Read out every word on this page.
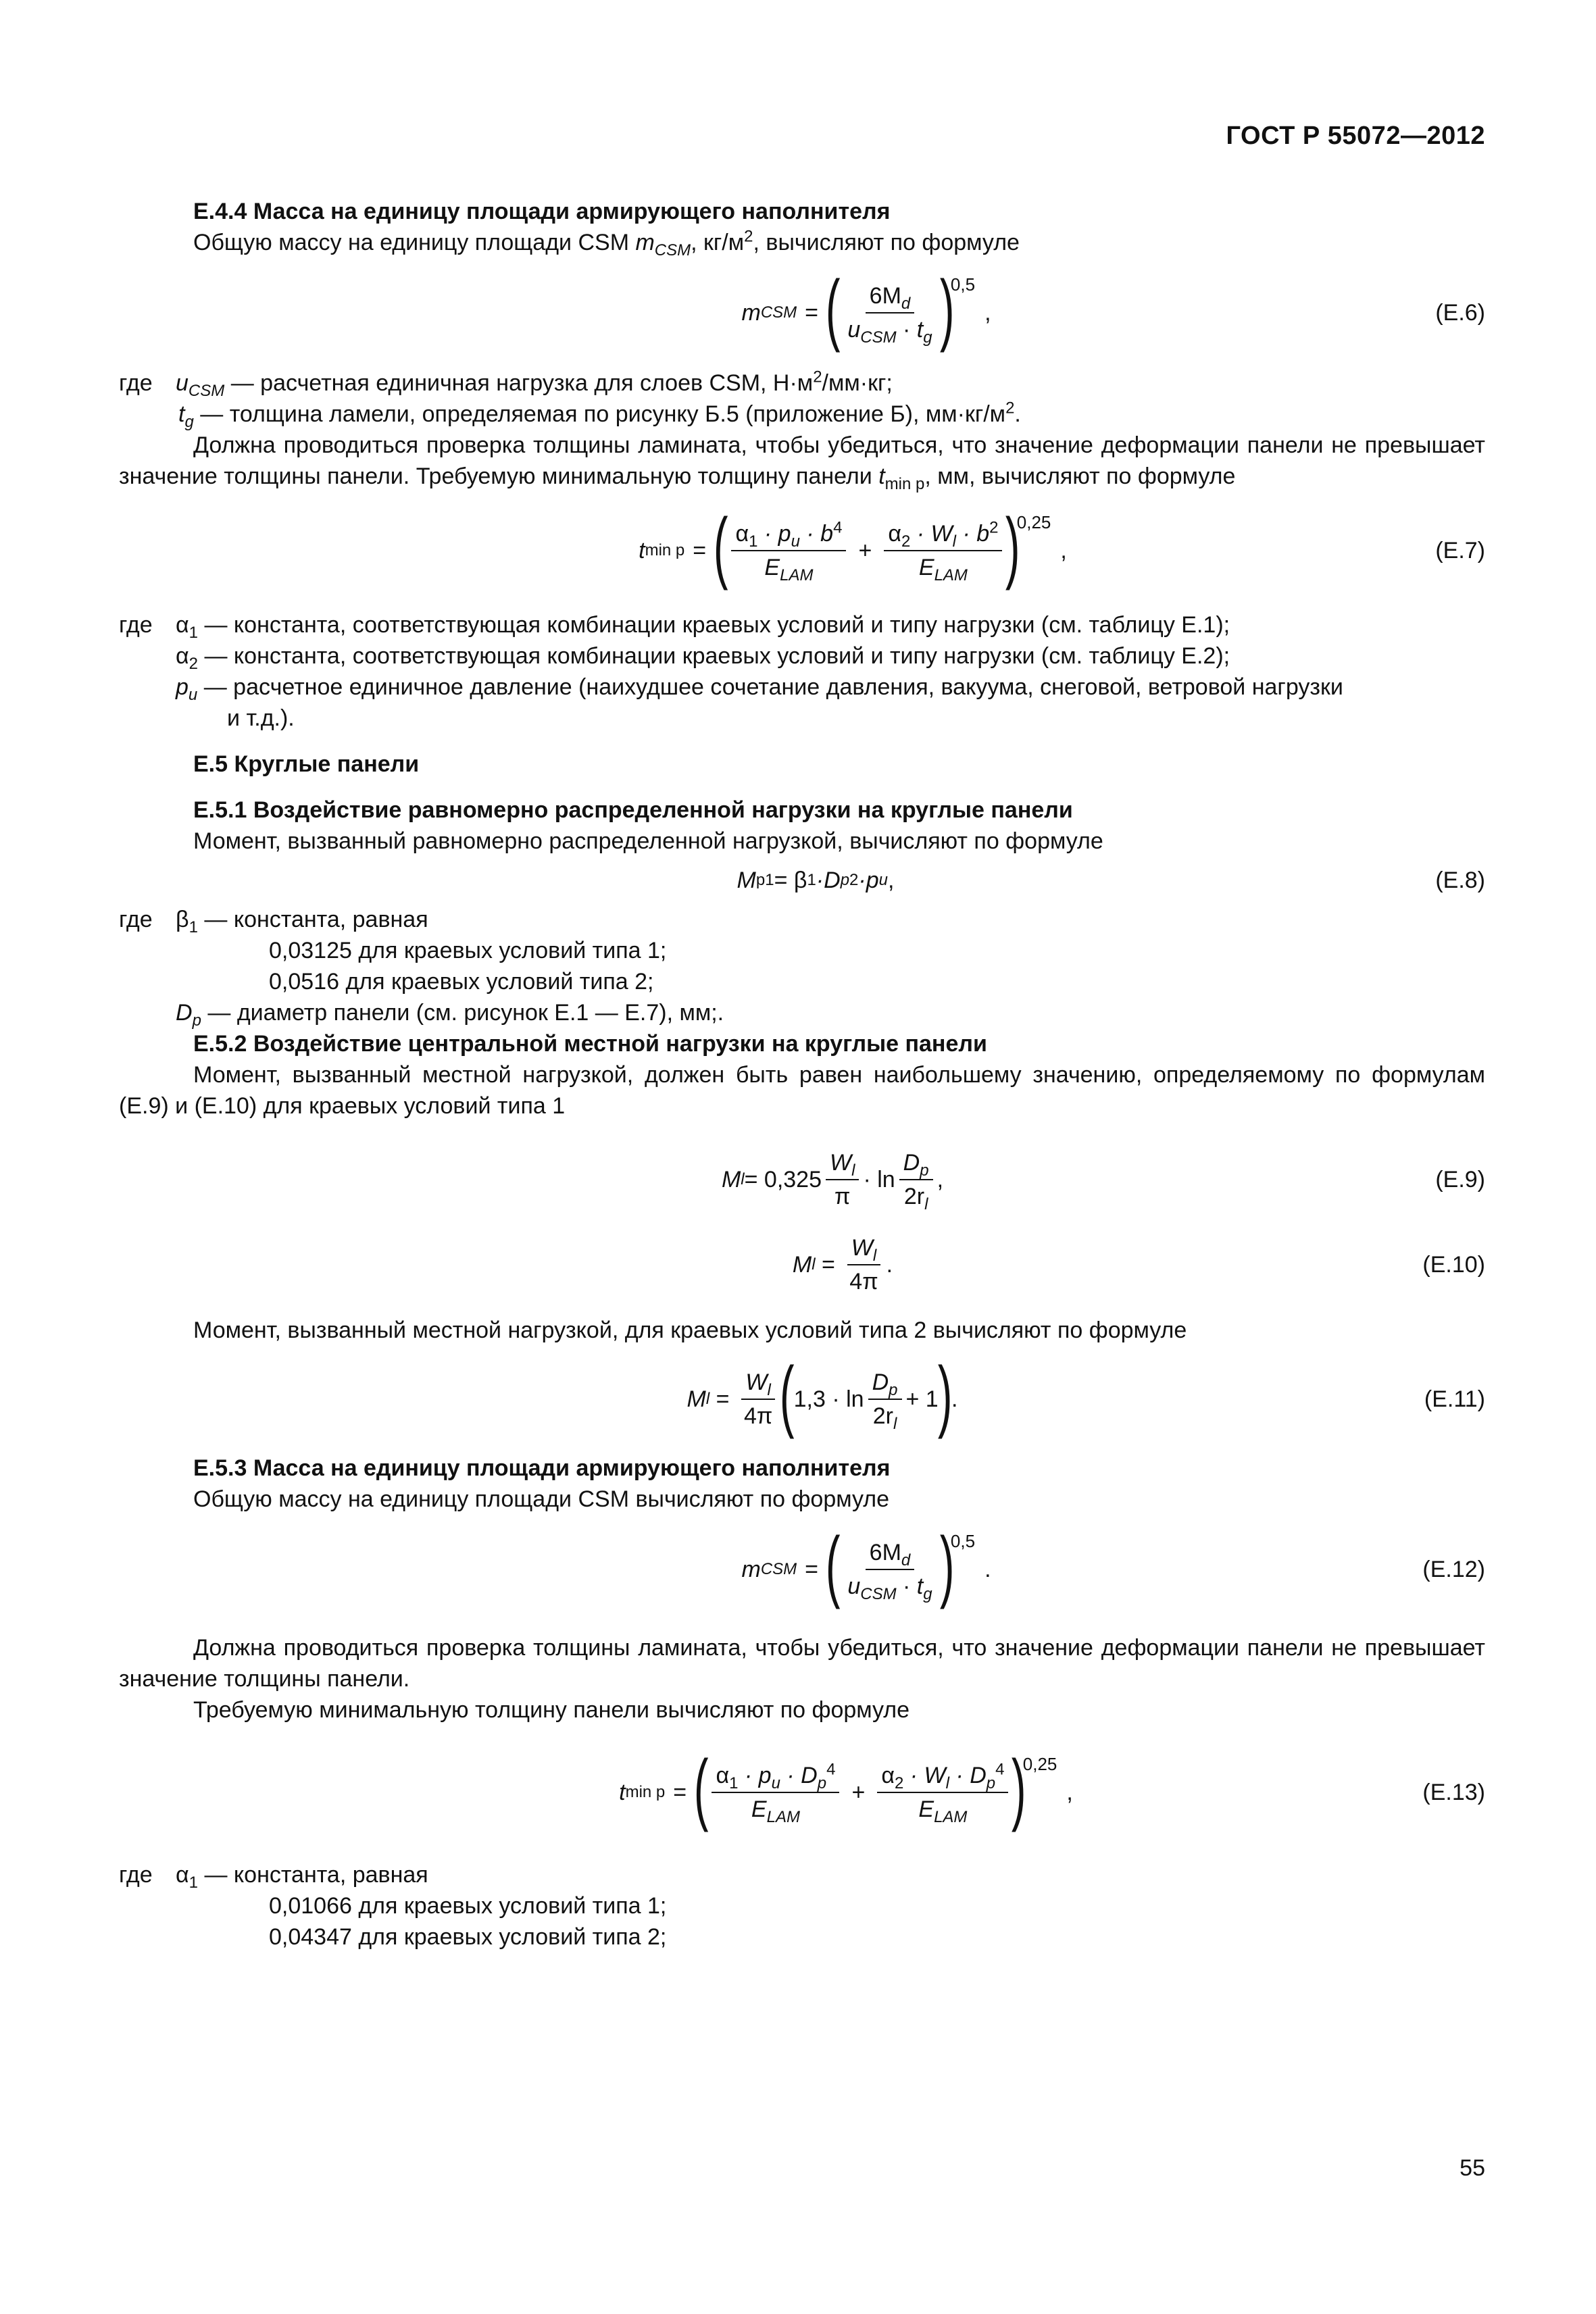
ГОСТ Р 55072—2012

Е.4.4 Масса на единицу площади армирующего наполнителя

Общую массу на единицу площади CSM $m_{CSM}$, $кг/м^2$, вычисляют по формуле

m CSM = ( $\frac{6M_d}{u_{CSM} \cdot t_g}$ )
0,5
,	(Е.6)
где	$u_{CSM}$ — расчетная единичная нагрузка для слоев CSM, $Н\cdot м^2/мм\cdot кг$;
$t_g$ — толщина ламели, определяемая по рисунку Б.5 (приложение Б), $мм\cdot кг/м^2$.

Должна проводиться проверка толщины ламината, чтобы убедиться, что значение деформации панели не превышает значение толщины панели. Требуемую минимальную толщину панели $t_{min p}$, мм, вычисляют по формуле

t min p = ( $\frac{\alpha_1 \cdot p_u \cdot b^4}{E_{LAM}} + \frac{\alpha_2 \cdot W_l \cdot b^2}{E_{LAM}}$ )
0,25
,	(Е.7)
где	$\alpha_1$ — константа, соответствующая комбинации краевых условий и типу нагрузки (см. таблицу Е.1);
$\alpha_2$ — константа, соответствующая комбинации краевых условий и типу нагрузки (см. таблицу Е.2);
$p_u$ — расчетное единичное давление (наихудшее сочетание давления, вакуума, снеговой, ветровой нагрузки
и т.д.).

Е.5 Круглые панели

Е.5.1 Воздействие равномерно распределенной нагрузки на круглые панели

Момент, вызванный равномерно распределенной нагрузкой, вычисляют по формуле

M p1 = β 1 ·D p 2 ·p u ,	(Е.8)
где	$\beta_1$ — константа, равная
0,03125 для краевых условий типа 1;
0,0516 для краевых условий типа 2;

$D_p$ — диаметр панели (см. рисунок Е.1 — Е.7), мм;.

Е.5.2 Воздействие центральной местной нагрузки на круглые панели

Момент, вызванный местной нагрузкой, должен быть равен наибольшему значению, определяемому по формулам (Е.9) и (Е.10) для краевых условий типа 1

M $l = 0,325 \frac{W_l}{\pi} \cdot \ln \frac{D_p}{2r_l}$ ,	(Е.9)
M $l = \frac{W_l}{4\pi}$ .	(Е.10)

Момент, вызванный местной нагрузкой, для краевых условий типа 2 вычисляют по формуле

M $l = \frac{W_l}{4\pi}$ (
$1,3 \cdot \ln \frac{D_p}{2r_l} + 1$
)
.	(Е.11)

Е.5.3 Масса на единицу площади армирующего наполнителя

Общую массу на единицу площади CSM вычисляют по формуле

m CSM = ( $\frac{6M_d}{u_{CSM} \cdot t_g}$ )
0,5
.	(Е.12)

Должна проводиться проверка толщины ламината, чтобы убедиться, что значение деформации панели не превышает значение толщины панели.

Требуемую минимальную толщину панели вычисляют по формуле

t min p = ( $\frac{\alpha_1 \cdot p_u \cdot D_p^4}{E_{LAM}} + \frac{\alpha_2 \cdot W_l \cdot D_p^4}{E_{LAM}}$ )
0,25
,	(Е.13)
где	$\alpha_1$ — константа, равная
0,01066 для краевых условий типа 1;
0,04347 для краевых условий типа 2;
55
